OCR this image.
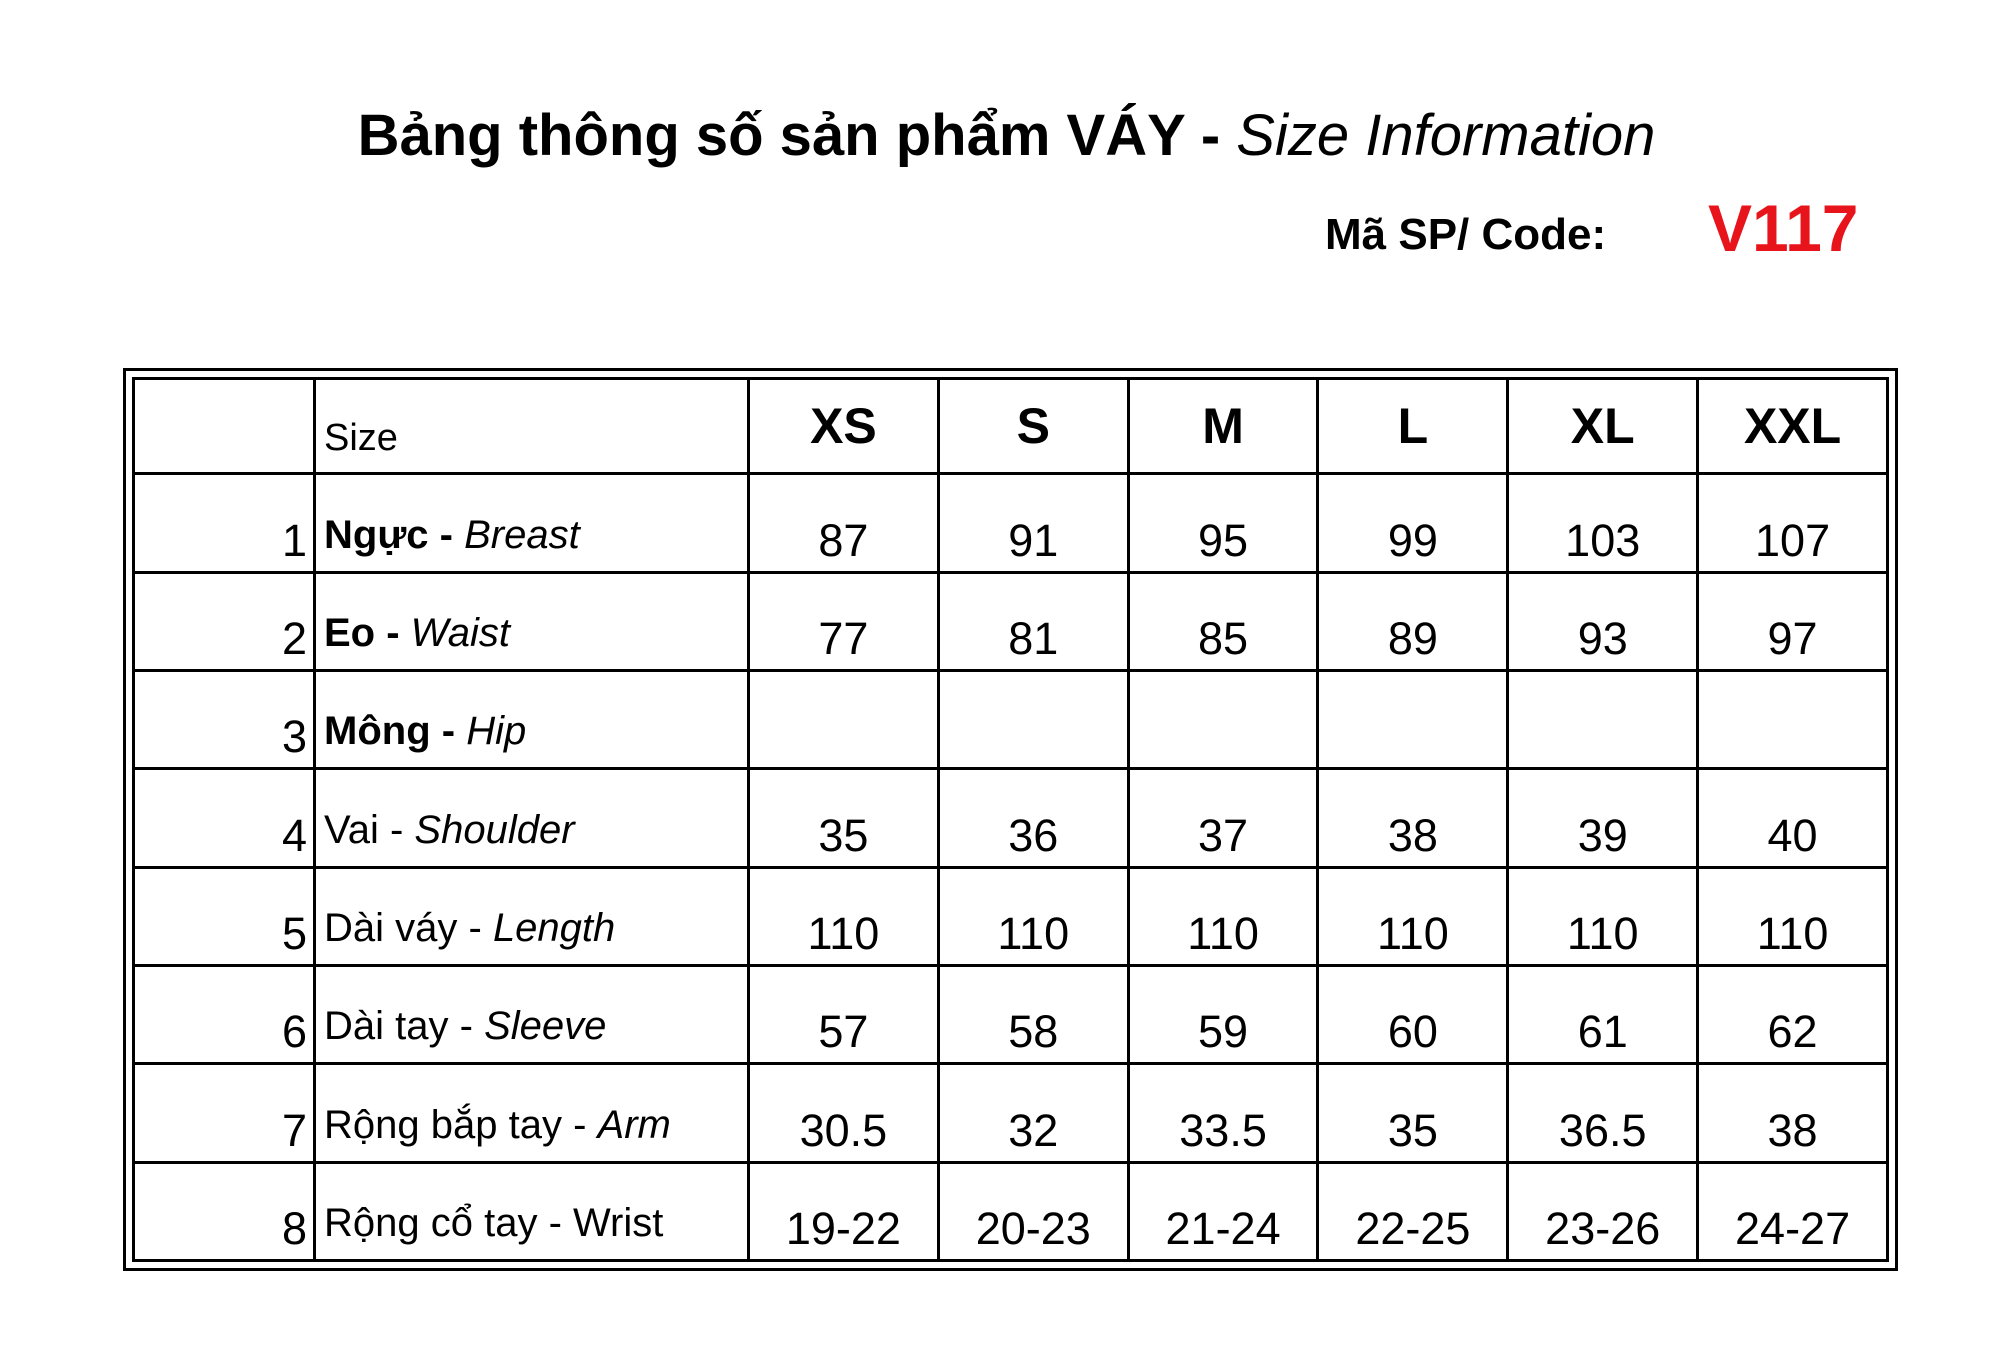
Bảng thông số sản phẩm VÁY - Size Information
Mã SP/ Code: V117
	Size	XS	S	M	L	XL	XXL
1	Ngực - Breast	87	91	95	99	103	107
2	Eo - Waist	77	81	85	89	93	97
3	Mông - Hip						
4	Vai - Shoulder	35	36	37	38	39	40
5	Dài váy - Length	110	110	110	110	110	110
6	Dài tay - Sleeve	57	58	59	60	61	62
7	Rộng bắp tay - Arm	30.5	32	33.5	35	36.5	38
8	Rộng cổ tay - Wrist	19-22	20-23	21-24	22-25	23-26	24-27
